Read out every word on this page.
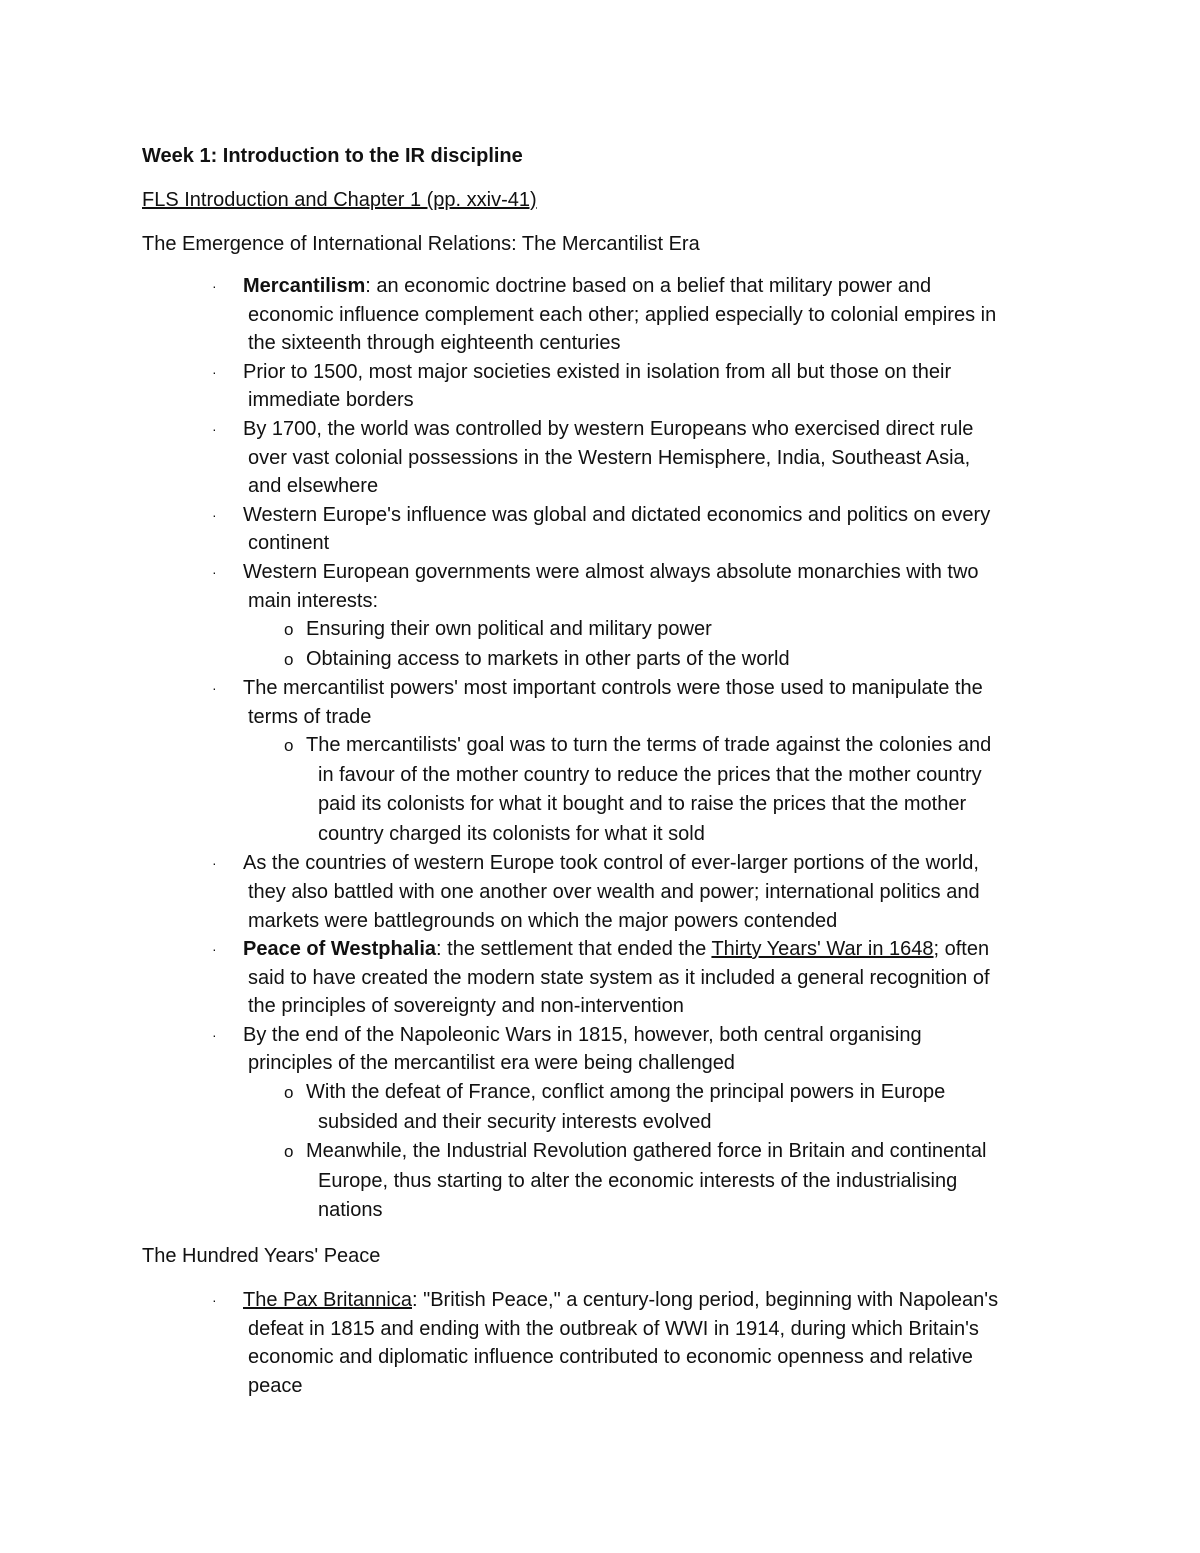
Week 1: Introduction to the IR discipline
FLS Introduction and Chapter 1 (pp. xxiv-41)
The Emergence of International Relations: The Mercantilist Era
· Mercantilism: an economic doctrine based on a belief that military power and
economic influence complement each other; applied especially to colonial empires in
the sixteenth through eighteenth centuries
· Prior to 1500, most major societies existed in isolation from all but those on their
immediate borders
· By 1700, the world was controlled by western Europeans who exercised direct rule
over vast colonial possessions in the Western Hemisphere, India, Southeast Asia,
and elsewhere
· Western Europe's influence was global and dictated economics and politics on every
continent
· Western European governments were almost always absolute monarchies with two
main interests:
o Ensuring their own political and military power
o Obtaining access to markets in other parts of the world
· The mercantilist powers' most important controls were those used to manipulate the
terms of trade
o The mercantilists' goal was to turn the terms of trade against the colonies and
in favour of the mother country to reduce the prices that the mother country
paid its colonists for what it bought and to raise the prices that the mother
country charged its colonists for what it sold
· As the countries of western Europe took control of ever-larger portions of the world,
they also battled with one another over wealth and power; international politics and
markets were battlegrounds on which the major powers contended
· Peace of Westphalia: the settlement that ended the Thirty Years' War in 1648; often
said to have created the modern state system as it included a general recognition of
the principles of sovereignty and non-intervention
· By the end of the Napoleonic Wars in 1815, however, both central organising
principles of the mercantilist era were being challenged
o With the defeat of France, conflict among the principal powers in Europe
subsided and their security interests evolved
o Meanwhile, the Industrial Revolution gathered force in Britain and continental
Europe, thus starting to alter the economic interests of the industrialising
nations
The Hundred Years' Peace
· The Pax Britannica: "British Peace," a century-long period, beginning with Napolean's
defeat in 1815 and ending with the outbreak of WWI in 1914, during which Britain's
economic and diplomatic influence contributed to economic openness and relative
peace
